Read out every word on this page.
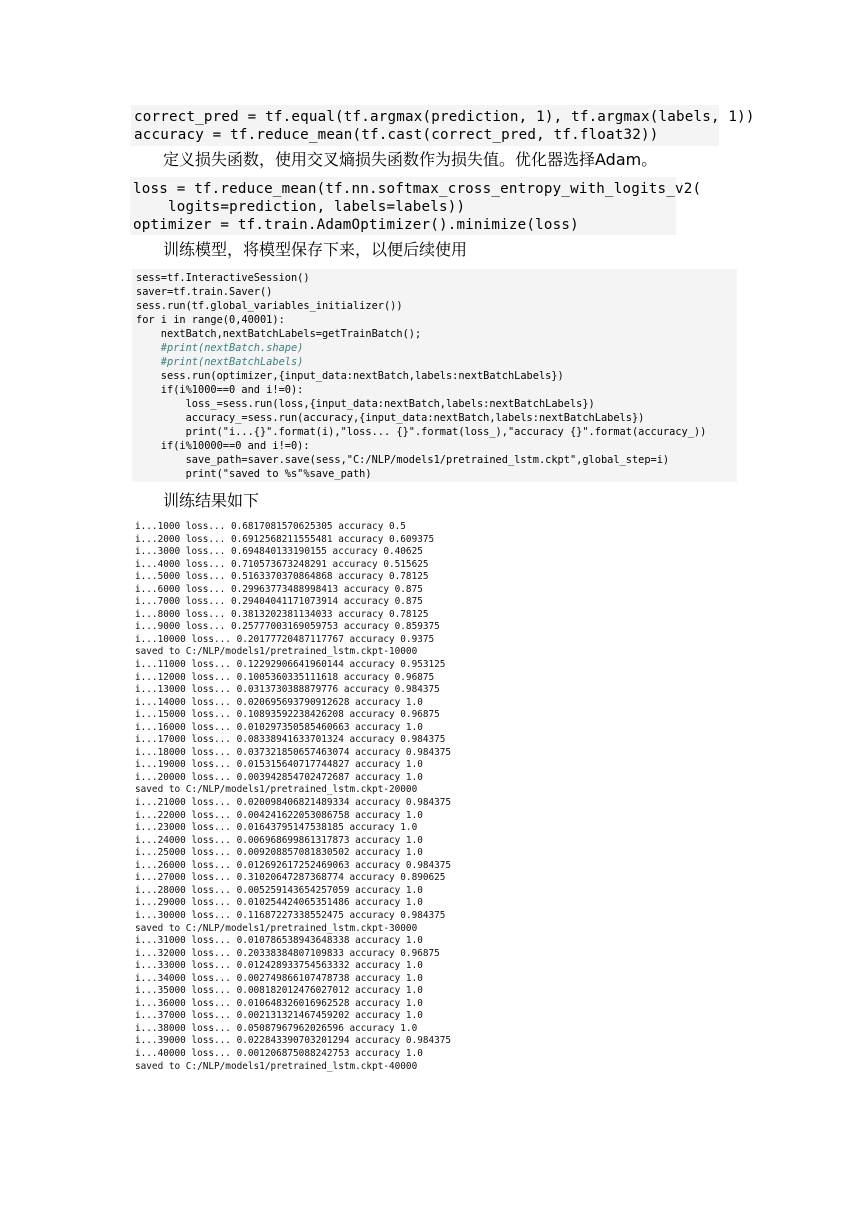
correct_pred = tf.equal(tf.argmax(prediction, 1), tf.argmax(labels, 1))
accuracy = tf.reduce_mean(tf.cast(correct_pred, tf.float32))
定义损失函数，使用交叉熵损失函数作为损失值。优化器选择Adam。
loss = tf.reduce_mean(tf.nn.softmax_cross_entropy_with_logits_v2(
logits=prediction, labels=labels))
optimizer = tf.train.AdamOptimizer().minimize(loss)
训练模型，将模型保存下来，以便后续使用
sess=tf.InteractiveSession()
saver=tf.train.Saver()
sess.run(tf.global_variables_initializer())
for i in range(0,40001):
nextBatch,nextBatchLabels=getTrainBatch();
#print(nextBatch.shape)
#print(nextBatchLabels)
sess.run(optimizer,{input_data:nextBatch,labels:nextBatchLabels})
if(i%1000==0 and i!=0):
loss_=sess.run(loss,{input_data:nextBatch,labels:nextBatchLabels})
accuracy_=sess.run(accuracy,{input_data:nextBatch,labels:nextBatchLabels})
print("i...{}".format(i),"loss... {}".format(loss_),"accuracy {}".format(accuracy_))
if(i%10000==0 and i!=0):
save_path=saver.save(sess,"C:/NLP/models1/pretrained_lstm.ckpt",global_step=i)
print("saved to %s"%save_path)
训练结果如下
i...1000 loss... 0.6817081570625305 accuracy 0.5
i...2000 loss... 0.6912568211555481 accuracy 0.609375
i...3000 loss... 0.694840133190155 accuracy 0.40625
i...4000 loss... 0.710573673248291 accuracy 0.515625
i...5000 loss... 0.5163370370864868 accuracy 0.78125
i...6000 loss... 0.29963773488998413 accuracy 0.875
i...7000 loss... 0.29404041171073914 accuracy 0.875
i...8000 loss... 0.3813202381134033 accuracy 0.78125
i...9000 loss... 0.25777003169059753 accuracy 0.859375
i...10000 loss... 0.20177720487117767 accuracy 0.9375
saved to C:/NLP/models1/pretrained_lstm.ckpt-10000
i...11000 loss... 0.12292906641960144 accuracy 0.953125
i...12000 loss... 0.1005360335111618 accuracy 0.96875
i...13000 loss... 0.0313730388879776 accuracy 0.984375
i...14000 loss... 0.020695693790912628 accuracy 1.0
i...15000 loss... 0.10893592238426208 accuracy 0.96875
i...16000 loss... 0.010297350585460663 accuracy 1.0
i...17000 loss... 0.08338941633701324 accuracy 0.984375
i...18000 loss... 0.037321850657463074 accuracy 0.984375
i...19000 loss... 0.015315640717744827 accuracy 1.0
i...20000 loss... 0.003942854702472687 accuracy 1.0
saved to C:/NLP/models1/pretrained_lstm.ckpt-20000
i...21000 loss... 0.020098406821489334 accuracy 0.984375
i...22000 loss... 0.004241622053086758 accuracy 1.0
i...23000 loss... 0.01643795147538185 accuracy 1.0
i...24000 loss... 0.006968699861317873 accuracy 1.0
i...25000 loss... 0.009208857081830502 accuracy 1.0
i...26000 loss... 0.012692617252469063 accuracy 0.984375
i...27000 loss... 0.31020647287368774 accuracy 0.890625
i...28000 loss... 0.005259143654257059 accuracy 1.0
i...29000 loss... 0.010254424065351486 accuracy 1.0
i...30000 loss... 0.11687227338552475 accuracy 0.984375
saved to C:/NLP/models1/pretrained_lstm.ckpt-30000
i...31000 loss... 0.010786538943648338 accuracy 1.0
i...32000 loss... 0.20338384807109833 accuracy 0.96875
i...33000 loss... 0.012428933754563332 accuracy 1.0
i...34000 loss... 0.002749866107478738 accuracy 1.0
i...35000 loss... 0.008182012476027012 accuracy 1.0
i...36000 loss... 0.010648326016962528 accuracy 1.0
i...37000 loss... 0.002131321467459202 accuracy 1.0
i...38000 loss... 0.05087967962026596 accuracy 1.0
i...39000 loss... 0.022843390703201294 accuracy 0.984375
i...40000 loss... 0.001206875088242753 accuracy 1.0
saved to C:/NLP/models1/pretrained_lstm.ckpt-40000
